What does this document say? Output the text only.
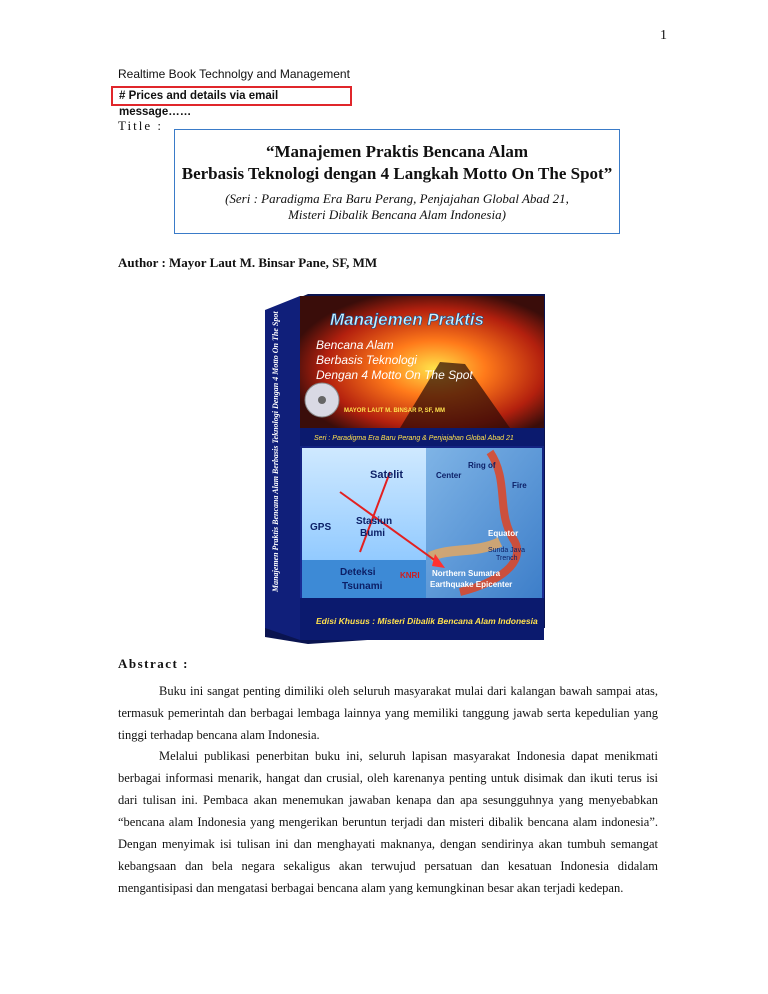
1
Realtime Book Technolgy and Management
# Prices and details via email message……
Title :
“Manajemen Praktis Bencana Alam
Berbasis Teknologi dengan 4 Langkah Motto On The Spot”
(Seri : Paradigma Era Baru Perang, Penjajahan Global Abad 21,
Misteri Dibalik Bencana Alam Indonesia)
Author : Mayor Laut M. Binsar Pane, SF, MM
Manajemen Praktis Bencana Alam Berbasis Teknologi Dengan 4 Motto On The Spot	Manajemen Praktis
Bencana Alam
Berbasis Teknologi
Dengan 4 Motto On The Spot
MAYOR LAUT M. BINSAR P, SF, MM
Seri : Paradigma Era Baru Perang & Penjajahan Global Abad 21
Satelit
GPS
Stasiun
Bumi
Deteksi
Tsunami
KNRI
Center
Ring of
Fire
Equator
Sunda Java
Trench
Northern Sumatra
Earthquake Epicenter
Edisi Khusus : Misteri Dibalik Bencana Alam Indonesia
Abstract :
Buku ini sangat penting dimiliki oleh seluruh masyarakat mulai dari kalangan bawah sampai atas, termasuk pemerintah dan berbagai lembaga lainnya yang memiliki tanggung jawab serta kepedulian yang tinggi terhadap bencana alam Indonesia.
Melalui publikasi penerbitan buku ini, seluruh lapisan masyarakat Indonesia dapat menikmati berbagai informasi menarik, hangat dan crusial, oleh karenanya penting untuk disimak dan ikuti terus isi dari tulisan ini. Pembaca akan menemukan jawaban kenapa dan apa sesungguhnya yang menyebabkan “bencana alam Indonesia yang mengerikan beruntun terjadi dan misteri dibalik bencana alam indonesia”. Dengan menyimak isi tulisan ini dan menghayati maknanya, dengan sendirinya akan tumbuh semangat kebangsaan dan bela negara sekaligus akan terwujud persatuan dan kesatuan Indonesia didalam mengantisipasi dan mengatasi berbagai bencana alam yang kemungkinan besar akan terjadi kedepan.
